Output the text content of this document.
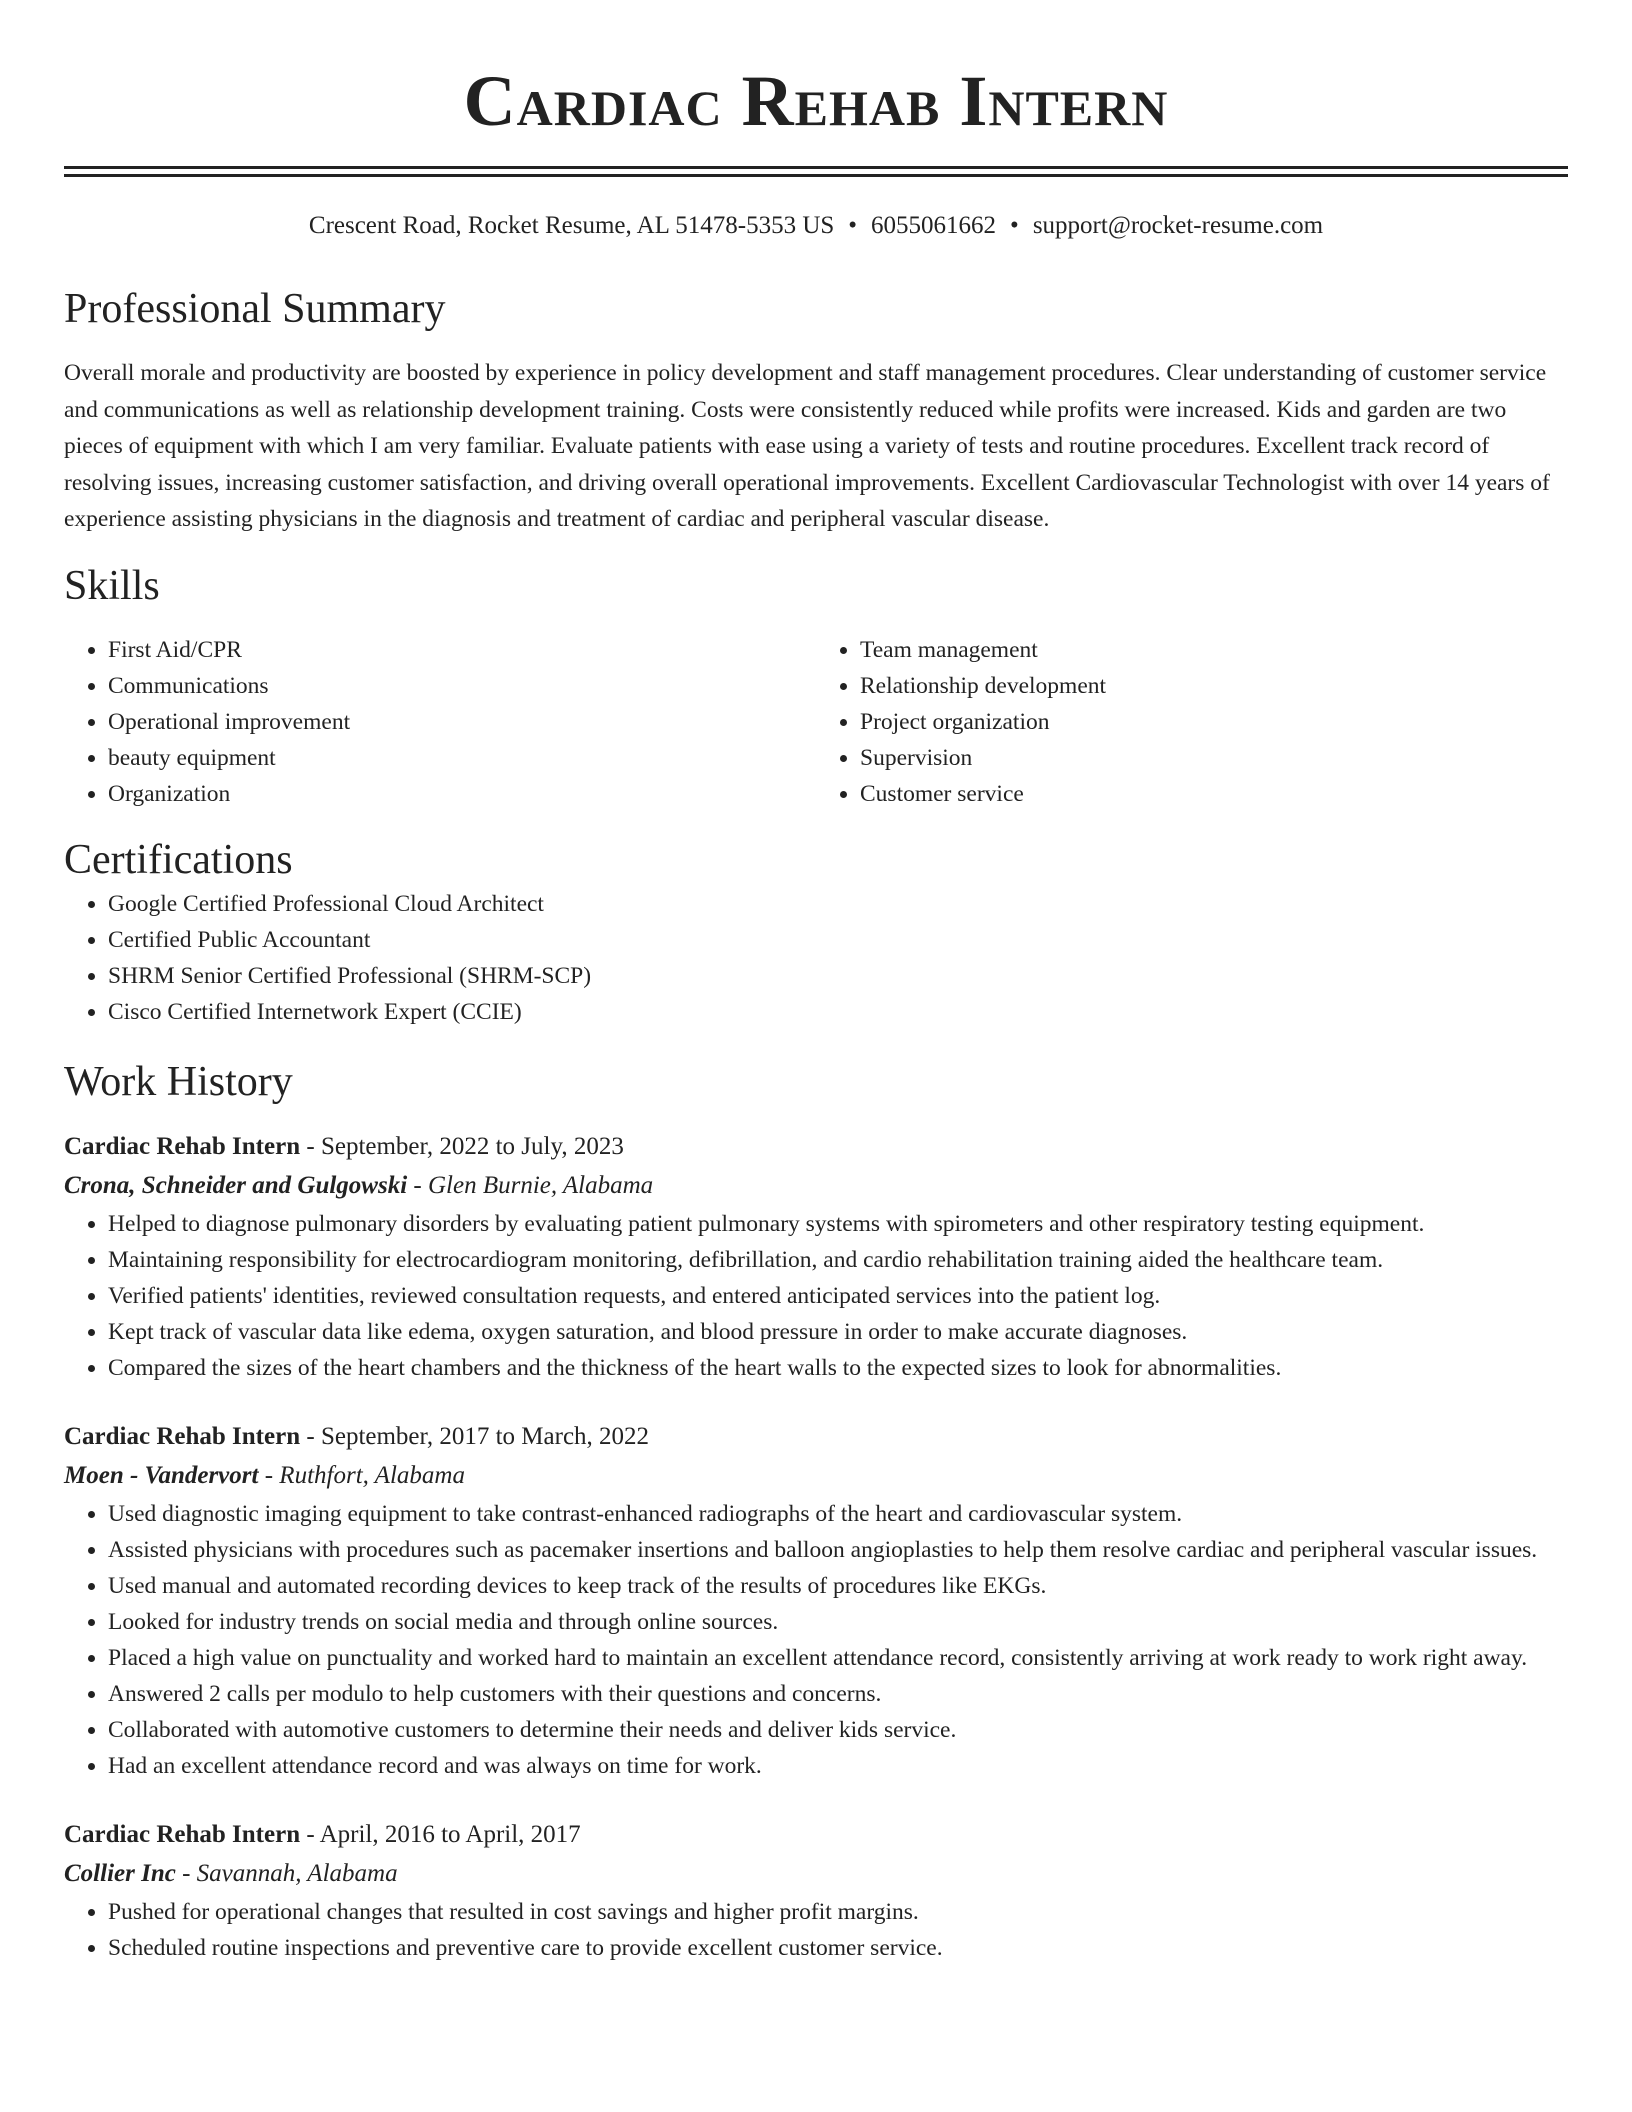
Cardiac Rehab Intern
Crescent Road, Rocket Resume, AL 51478-5353 US • 6055061662 • support@rocket-resume.com
Professional Summary

Overall morale and productivity are boosted by experience in policy development and staff management procedures. Clear understanding of customer service and communications as well as relationship development training. Costs were consistently reduced while profits were increased. Kids and garden are two pieces of equipment with which I am very familiar. Evaluate patients with ease using a variety of tests and routine procedures. Excellent track record of resolving issues, increasing customer satisfaction, and driving overall operational improvements. Excellent Cardiovascular Technologist with over 14 years of experience assisting physicians in the diagnosis and treatment of cardiac and peripheral vascular disease.

Skills
• First Aid/CPR
• Communications
• Operational improvement
• beauty equipment
• Organization
• Team management
• Relationship development
• Project organization
• Supervision
• Customer service
Certifications
• Google Certified Professional Cloud Architect
• Certified Public Accountant
• SHRM Senior Certified Professional (SHRM-SCP)
• Cisco Certified Internetwork Expert (CCIE)
Work History
Cardiac Rehab Intern - September, 2022 to July, 2023
Crona, Schneider and Gulgowski - Glen Burnie, Alabama
• Helped to diagnose pulmonary disorders by evaluating patient pulmonary systems with spirometers and other respiratory testing equipment.
• Maintaining responsibility for electrocardiogram monitoring, defibrillation, and cardio rehabilitation training aided the healthcare team.
• Verified patients' identities, reviewed consultation requests, and entered anticipated services into the patient log.
• Kept track of vascular data like edema, oxygen saturation, and blood pressure in order to make accurate diagnoses.
• Compared the sizes of the heart chambers and the thickness of the heart walls to the expected sizes to look for abnormalities.
Cardiac Rehab Intern - September, 2017 to March, 2022
Moen - Vandervort - Ruthfort, Alabama
• Used diagnostic imaging equipment to take contrast-enhanced radiographs of the heart and cardiovascular system.
• Assisted physicians with procedures such as pacemaker insertions and balloon angioplasties to help them resolve cardiac and peripheral vascular issues.
• Used manual and automated recording devices to keep track of the results of procedures like EKGs.
• Looked for industry trends on social media and through online sources.
• Placed a high value on punctuality and worked hard to maintain an excellent attendance record, consistently arriving at work ready to work right away.
• Answered 2 calls per modulo to help customers with their questions and concerns.
• Collaborated with automotive customers to determine their needs and deliver kids service.
• Had an excellent attendance record and was always on time for work.
Cardiac Rehab Intern - April, 2016 to April, 2017
Collier Inc - Savannah, Alabama
• Pushed for operational changes that resulted in cost savings and higher profit margins.
• Scheduled routine inspections and preventive care to provide excellent customer service.
